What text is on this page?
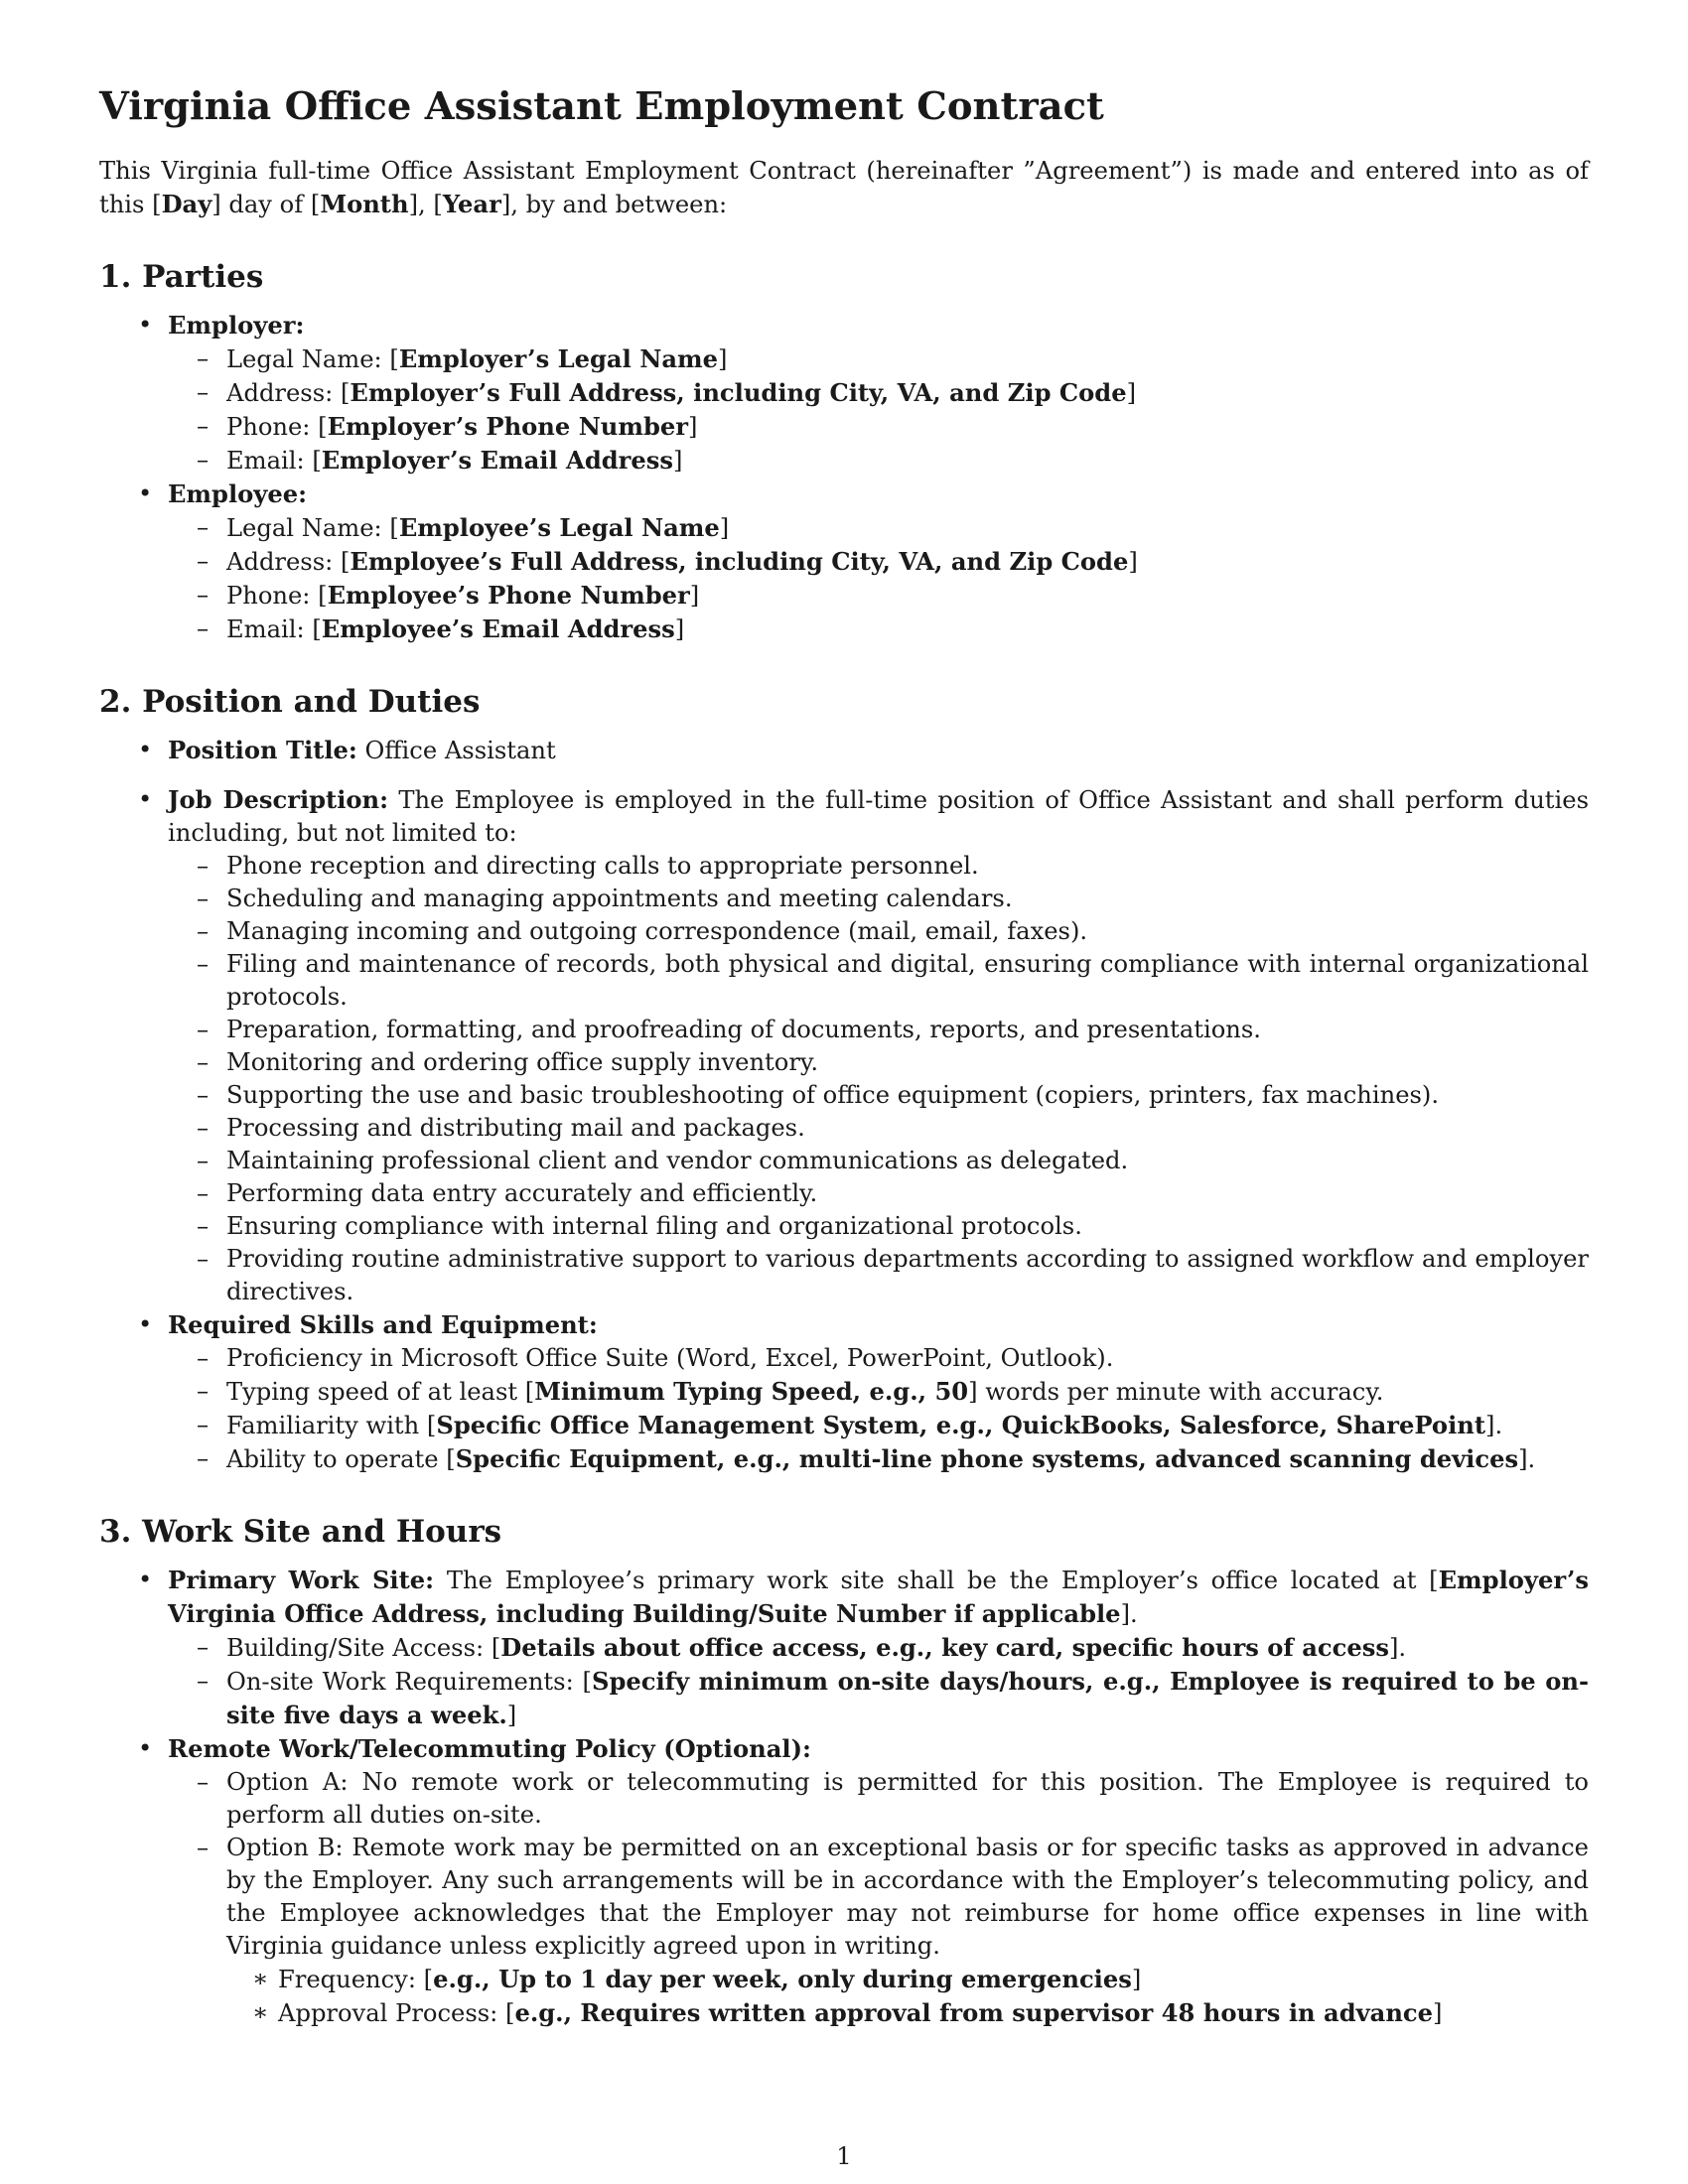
Virginia Office Assistant Employment Contract

This Virginia full-time Office Assistant Employment Contract (hereinafter ”Agreement”) is made and entered into as of this [Day] day of [Month], [Year], by and between:

1. Parties
• Employer:
– Legal Name: [Employer’s Legal Name]
– Address: [Employer’s Full Address, including City, VA, and Zip Code]
– Phone: [Employer’s Phone Number]
– Email: [Employer’s Email Address]
• Employee:
– Legal Name: [Employee’s Legal Name]
– Address: [Employee’s Full Address, including City, VA, and Zip Code]
– Phone: [Employee’s Phone Number]
– Email: [Employee’s Email Address]
2. Position and Duties
• Position Title: Office Assistant
• Job Description: The Employee is employed in the full-time position of Office Assistant and shall perform duties including, but not limited to:
– Phone reception and directing calls to appropriate personnel.
– Scheduling and managing appointments and meeting calendars.
– Managing incoming and outgoing correspondence (mail, email, faxes).
– Filing and maintenance of records, both physical and digital, ensuring compliance with internal organizational protocols.
– Preparation, formatting, and proofreading of documents, reports, and presentations.
– Monitoring and ordering office supply inventory.
– Supporting the use and basic troubleshooting of office equipment (copiers, printers, fax machines).
– Processing and distributing mail and packages.
– Maintaining professional client and vendor communications as delegated.
– Performing data entry accurately and efficiently.
– Ensuring compliance with internal filing and organizational protocols.
– Providing routine administrative support to various departments according to assigned workflow and employer directives.
• Required Skills and Equipment:
– Proficiency in Microsoft Office Suite (Word, Excel, PowerPoint, Outlook).
– Typing speed of at least [Minimum Typing Speed, e.g., 50] words per minute with accuracy.
– Familiarity with [Specific Office Management System, e.g., QuickBooks, Salesforce, SharePoint].
– Ability to operate [Specific Equipment, e.g., multi-line phone systems, advanced scanning devices].
3. Work Site and Hours
• Primary Work Site: The Employee’s primary work site shall be the Employer’s office located at [Employer’s Virginia Office Address, including Building/Suite Number if applicable].
– Building/Site Access: [Details about office access, e.g., key card, specific hours of access].
– On-site Work Requirements: [Specify minimum on-site days/hours, e.g., Employee is required to be on-site five days a week.]
• Remote Work/Telecommuting Policy (Optional):
– Option A: No remote work or telecommuting is permitted for this position. The Employee is required to perform all duties on-site.
– Option B: Remote work may be permitted on an exceptional basis or for specific tasks as approved in advance by the Employer. Any such arrangements will be in accordance with the Employer’s telecommuting policy, and the Employee acknowledges that the Employer may not reimburse for home office expenses in line with Virginia guidance unless explicitly agreed upon in writing.
∗ Frequency: [e.g., Up to 1 day per week, only during emergencies]
∗ Approval Process: [e.g., Requires written approval from supervisor 48 hours in advance]
1
